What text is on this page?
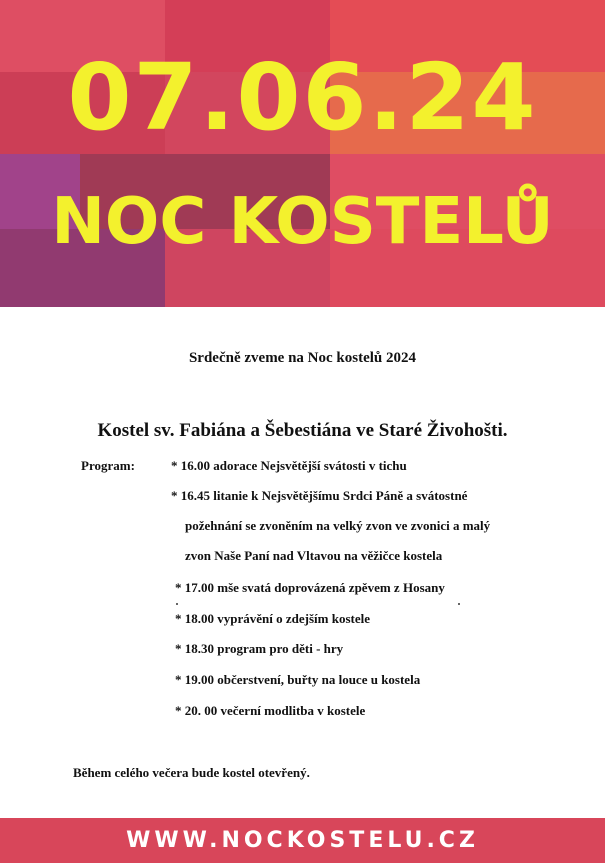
07.06.24
NOC KOSTELŮ
Srdečně zveme na Noc kostelů 2024
Kostel sv. Fabiána a Šebestiána ve Staré Živohošti.
Program:	* 16.00 adorace Nejsvětější svátosti v tichu
* 16.45 litanie k Nejsvětějšímu Srdci Páně a svátostné
požehnání se zvoněním na velký zvon ve zvonici a malý
zvon Naše Paní nad Vltavou na věžičce kostela
* 17.00 mše svatá doprovázená zpěvem z Hosany
* 18.00 vyprávění o zdejším kostele
* 18.30 program pro děti - hry
* 19.00 občerstvení, buřty na louce u kostela
* 20. 00 večerní modlitba v kostele
Během celého večera bude kostel otevřený.
WWW.NOCKOSTELU.CZ
